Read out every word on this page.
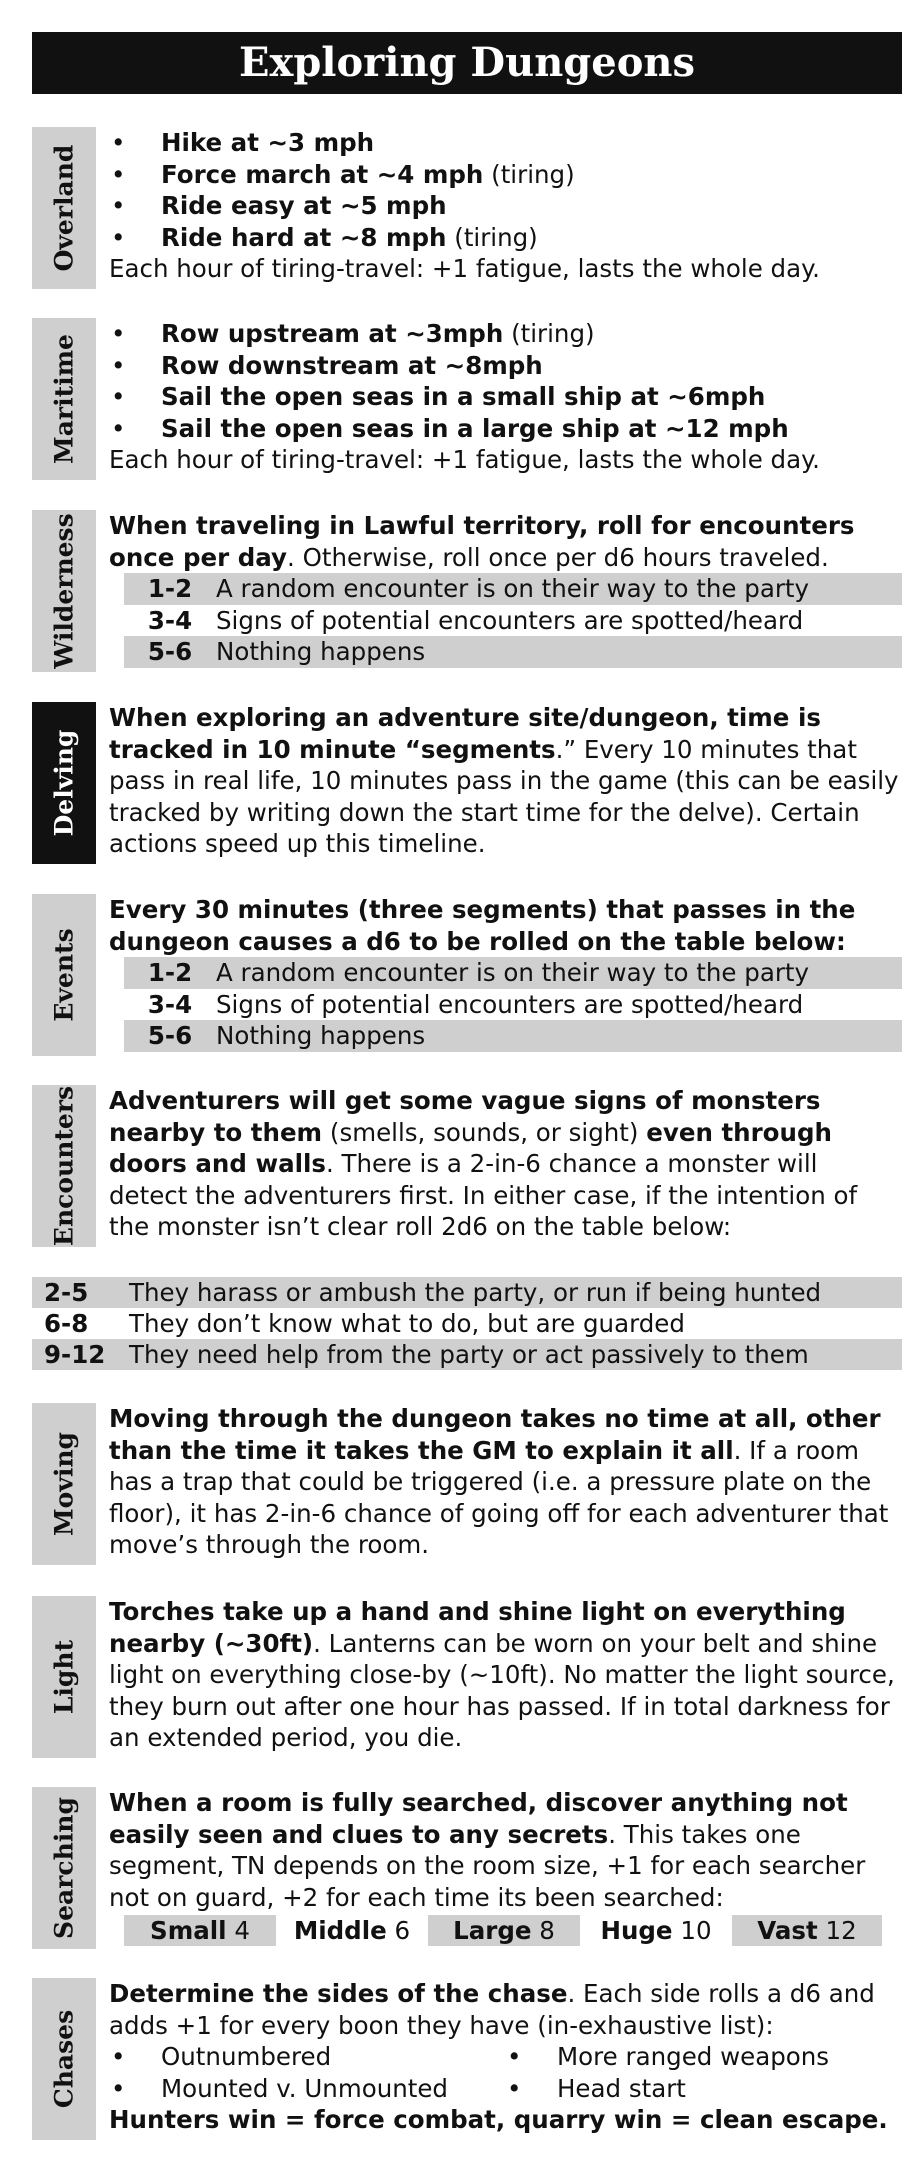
Exploring Dungeons
Overland
• Hike at ~3 mph
• Force march at ~4 mph (tiring)
• Ride easy at ~5 mph
• Ride hard at ~8 mph (tiring)

Each hour of tiring-travel: +1 fatigue, lasts the whole day.

Maritime
• Row upstream at ~3mph (tiring)
• Row downstream at ~8mph
• Sail the open seas in a small ship at ~6mph
• Sail the open seas in a large ship at ~12 mph

Each hour of tiring-travel: +1 fatigue, lasts the whole day.

Wilderness When traveling in Lawful territory, roll for encounters once per day. Otherwise, roll once per d6 hours traveled.

1-2 A random encounter is on their way to the party
3-4 Signs of potential encounters are spotted/heard
5-6 Nothing happens
Delving

When exploring an adventure site/dungeon, time is tracked in 10 minute “segments.” Every 10 minutes that pass in real life, 10 minutes pass in the game (this can be easily tracked by writing down the start time for the delve). Certain actions speed up this timeline.

Events

Every 30 minutes (three segments) that passes in the dungeon causes a d6 to be rolled on the table below:

1-2 A random encounter is on their way to the party
3-4 Signs of potential encounters are spotted/heard
5-6 Nothing happens
Encounters Adventurers will get some vague signs of monsters nearby to them (smells, sounds, or sight) even through doors and walls. There is a 2-in-6 chance a monster will detect the adventurers first. In either case, if the intention of the monster isn’t clear roll 2d6 on the table below:

2-5	They harass or ambush the party, or run if being hunted
6-8	They don’t know what to do, but are guarded
9-12 They need help from the party or act passively to them
Moving

Moving through the dungeon takes no time at all, other than the time it takes the GM to explain it all. If a room has a trap that could be triggered (i.e. a pressure plate on the floor), it has 2-in-6 chance of going off for each adventurer that move’s through the room.

Light

Torches take up a hand and shine light on everything nearby (~30ft). Lanterns can be worn on your belt and shine light on everything close-by (~10ft). No matter the light source, they burn out after one hour has passed. If in total darkness for an extended period, you die.

Searching When a room is fully searched, discover anything not easily seen and clues to any secrets. This takes one segment, TN depends on the room size, +1 for each searcher not on guard, +2 for each time its been searched:

Small 4	Middle 6	Large 8	Huge 10	Vast 12
Chases

Determine the sides of the chase. Each side rolls a d6 and adds +1 for every boon they have (in-exhaustive list):

• Outnumbered
• Mounted v. Unmounted
• More ranged weapons
• Head start

Hunters win = force combat, quarry win = clean escape.
